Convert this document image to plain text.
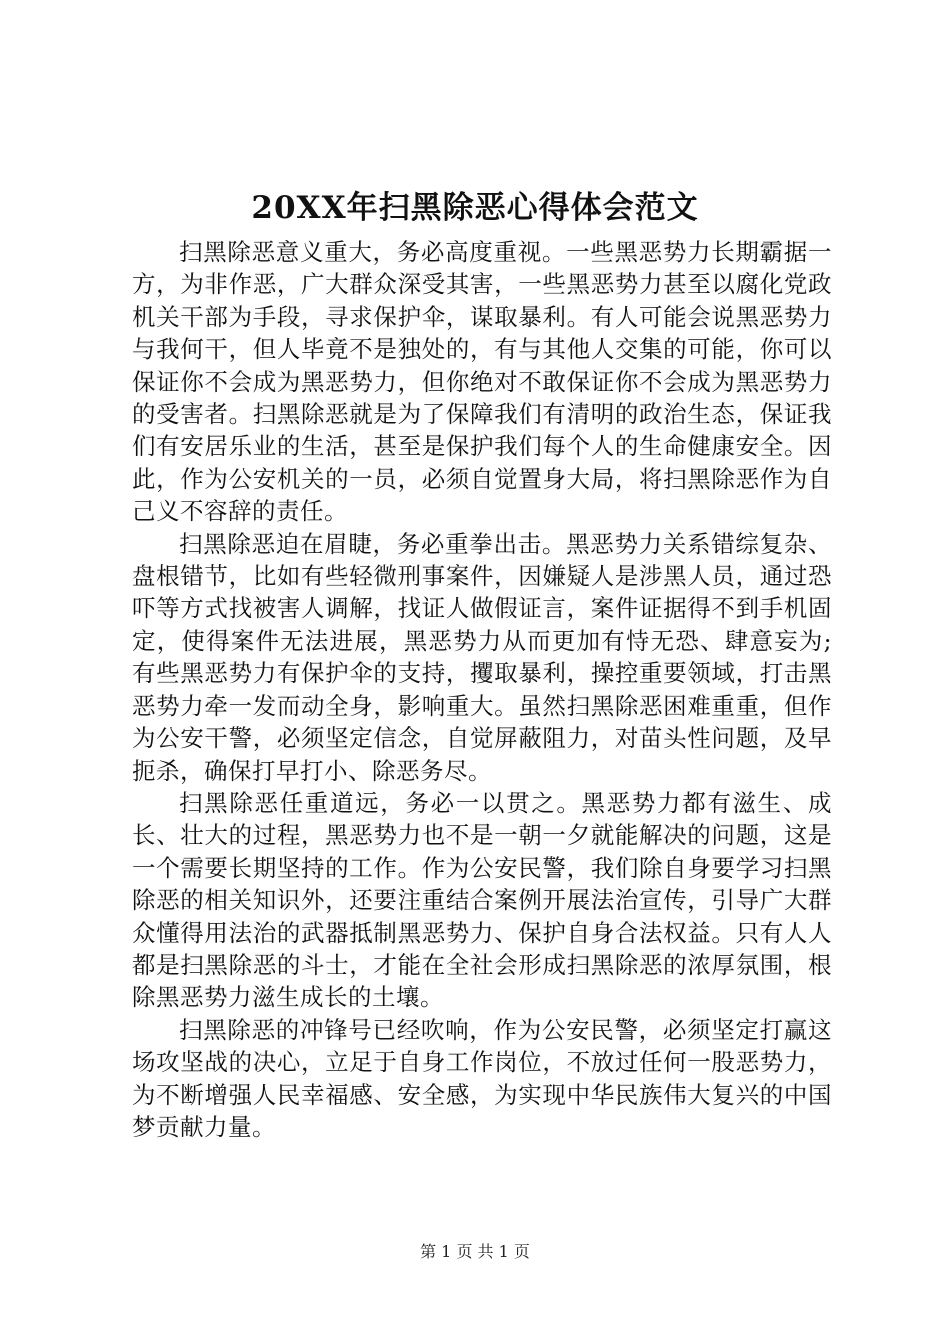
20XX年扫黑除恶心得体会范文

扫黑除恶意义重大，务必高度重视。一些黑恶势力长期霸据一方，为非作恶，广大群众深受其害，一些黑恶势力甚至以腐化党政机关干部为手段，寻求保护伞，谋取暴利。有人可能会说黑恶势力与我何干，但人毕竟不是独处的，有与其他人交集的可能，你可以保证你不会成为黑恶势力，但你绝对不敢保证你不会成为黑恶势力的受害者。扫黑除恶就是为了保障我们有清明的政治生态，保证我们有安居乐业的生活，甚至是保护我们每个人的生命健康安全。因此，作为公安机关的一员，必须自觉置身大局，将扫黑除恶作为自己义不容辞的责任。

扫黑除恶迫在眉睫，务必重拳出击。黑恶势力关系错综复杂、盘根错节，比如有些轻微刑事案件，因嫌疑人是涉黑人员，通过恐吓等方式找被害人调解，找证人做假证言，案件证据得不到手机固定，使得案件无法进展，黑恶势力从而更加有恃无恐、肆意妄为;有些黑恶势力有保护伞的支持，攫取暴利，操控重要领域，打击黑恶势力牵一发而动全身，影响重大。虽然扫黑除恶困难重重，但作为公安干警，必须坚定信念，自觉屏蔽阻力，对苗头性问题，及早扼杀，确保打早打小、除恶务尽。

扫黑除恶任重道远，务必一以贯之。黑恶势力都有滋生、成长、壮大的过程，黑恶势力也不是一朝一夕就能解决的问题，这是一个需要长期坚持的工作。作为公安民警，我们除自身要学习扫黑除恶的相关知识外，还要注重结合案例开展法治宣传，引导广大群众懂得用法治的武器抵制黑恶势力、保护自身合法权益。只有人人都是扫黑除恶的斗士，才能在全社会形成扫黑除恶的浓厚氛围，根除黑恶势力滋生成长的土壤。

扫黑除恶的冲锋号已经吹响，作为公安民警，必须坚定打赢这场攻坚战的决心，立足于自身工作岗位，不放过任何一股恶势力，为不断增强人民幸福感、安全感，为实现中华民族伟大复兴的中国梦贡献力量。

第 1 页 共 1 页
